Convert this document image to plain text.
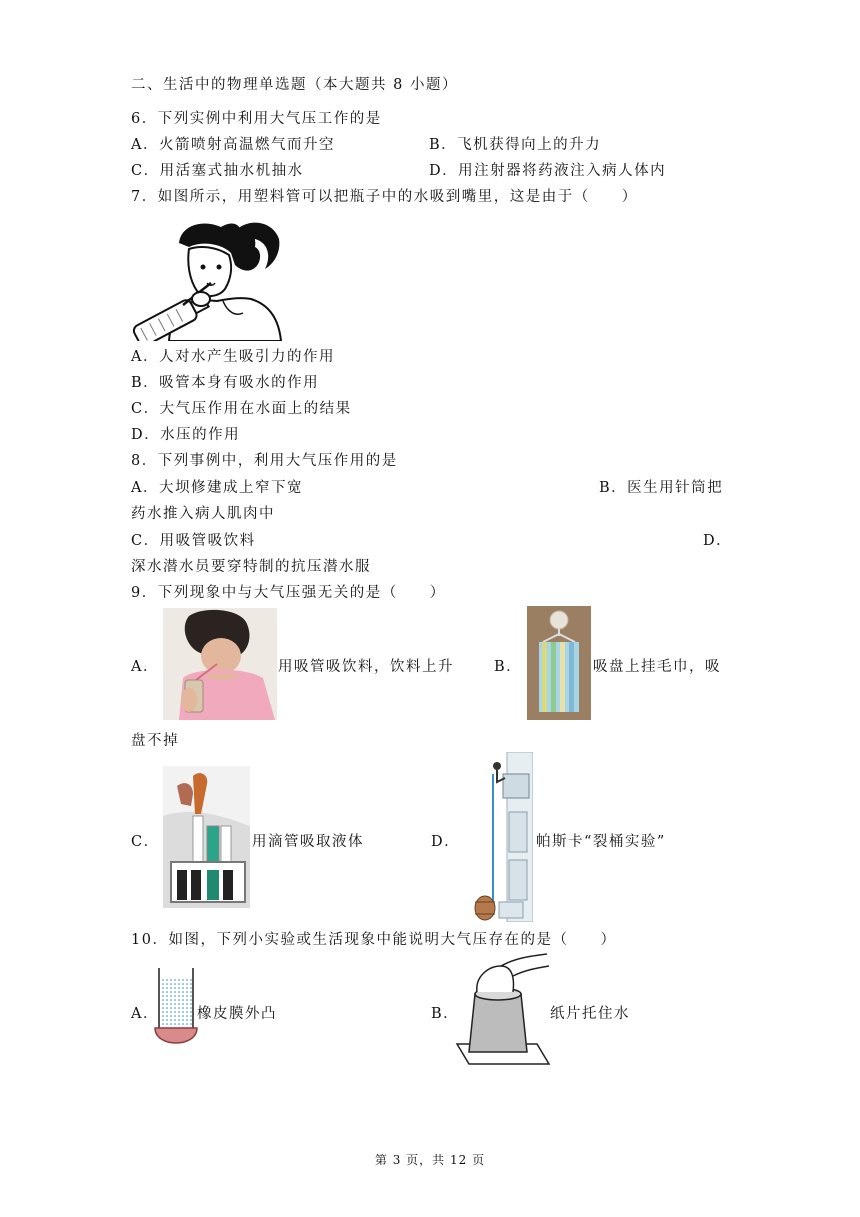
二、生活中的物理单选题（本大题共 8 小题）
6．下列实例中利用大气压工作的是
A．火箭喷射高温燃气而升空	B．飞机获得向上的升力
C．用活塞式抽水机抽水	D．用注射器将药液注入病人体内
7．如图所示，用塑料管可以把瓶子中的水吸到嘴里，这是由于（　　）
A．人对水产生吸引力的作用
B．吸管本身有吸水的作用
C．大气压作用在水面上的结果
D．水压的作用
8．下列事例中，利用大气压作用的是
A．大坝修建成上窄下宽	B．医生用针筒把
药水推入病人肌肉中
C．用吸管吸饮料	D．
深水潜水员要穿特制的抗压潜水服
9．下列现象中与大气压强无关的是（　　）
A．	用吸管吸饮料，饮料上升	B．	吸盘上挂毛巾，吸
盘不掉
C．	用滴管吸取液体	D．	帕斯卡“裂桶实验”
10．如图，下列小实验或生活现象中能说明大气压存在的是（　　）
A．	橡皮膜外凸	B．	纸片托住水
第 3 页，共 12 页
